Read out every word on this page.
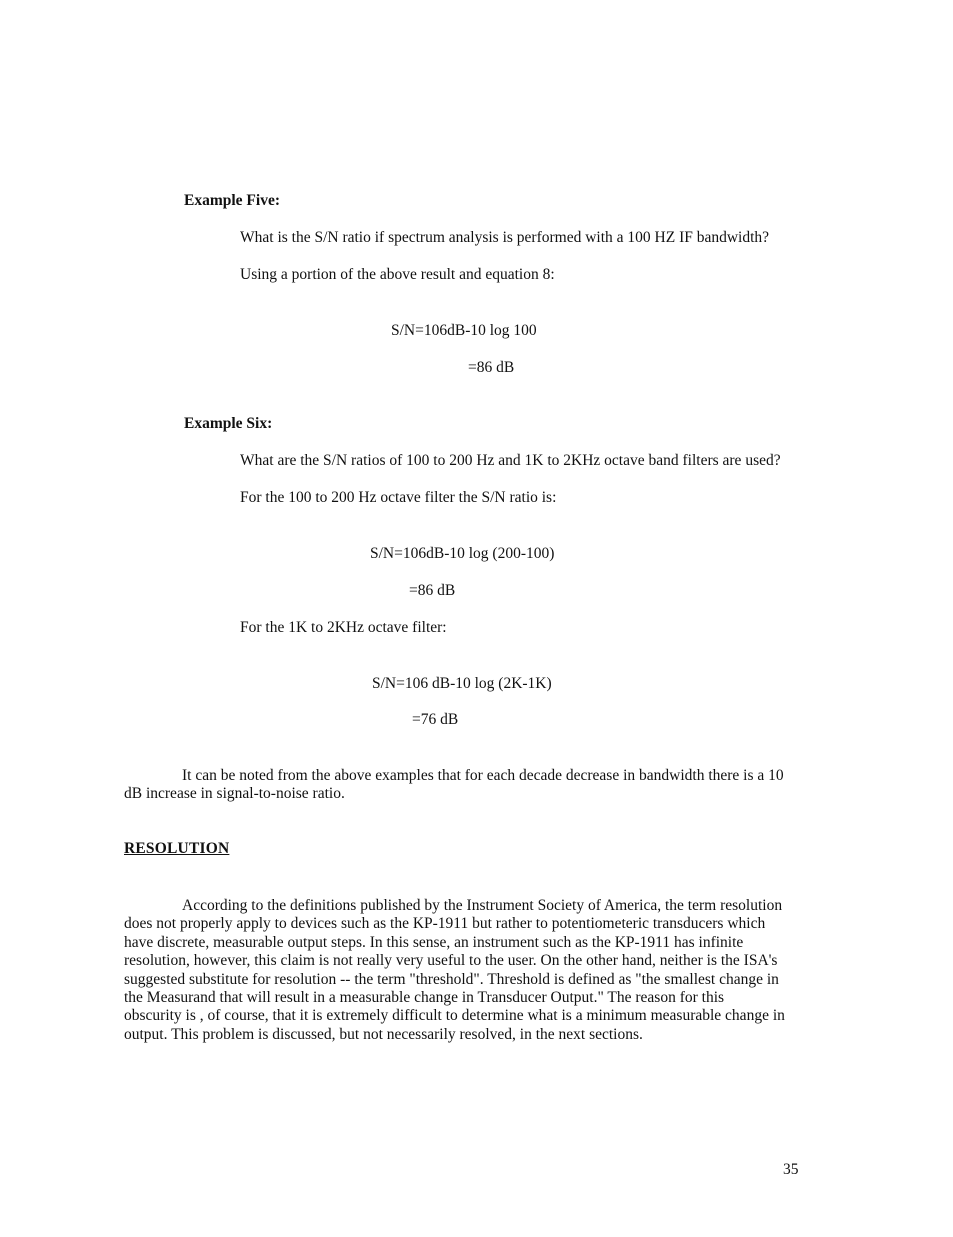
Example Five:
What is the S/N ratio if spectrum analysis is performed with a 100 HZ IF bandwidth?
Using a portion of the above result and equation 8:
S/N=106dB-10 log 100
=86 dB
Example Six:
What are the S/N ratios of 100 to 200 Hz and 1K to 2KHz octave band filters are used?
For the 100 to 200 Hz octave filter the S/N ratio is:
S/N=106dB-10 log (200-100)
=86 dB
For the 1K to 2KHz octave filter:
S/N=106 dB-10 log (2K-1K)
=76 dB
It can be noted from the above examples that for each decade decrease in bandwidth there is a 10
dB increase in signal-to-noise ratio.
RESOLUTION
According to the definitions published by the Instrument Society of America, the term resolution
does not properly apply to devices such as the KP-1911 but rather to potentiometeric transducers which
have discrete, measurable output steps. In this sense, an instrument such as the KP-1911 has infinite
resolution, however, this claim is not really very useful to the user. On the other hand, neither is the ISA's
suggested substitute for resolution -- the term "threshold". Threshold is defined as "the smallest change in
the Measurand that will result in a measurable change in Transducer Output." The reason for this
obscurity is , of course, that it is extremely difficult to determine what is a minimum measurable change in
output. This problem is discussed, but not necessarily resolved, in the next sections.
35
